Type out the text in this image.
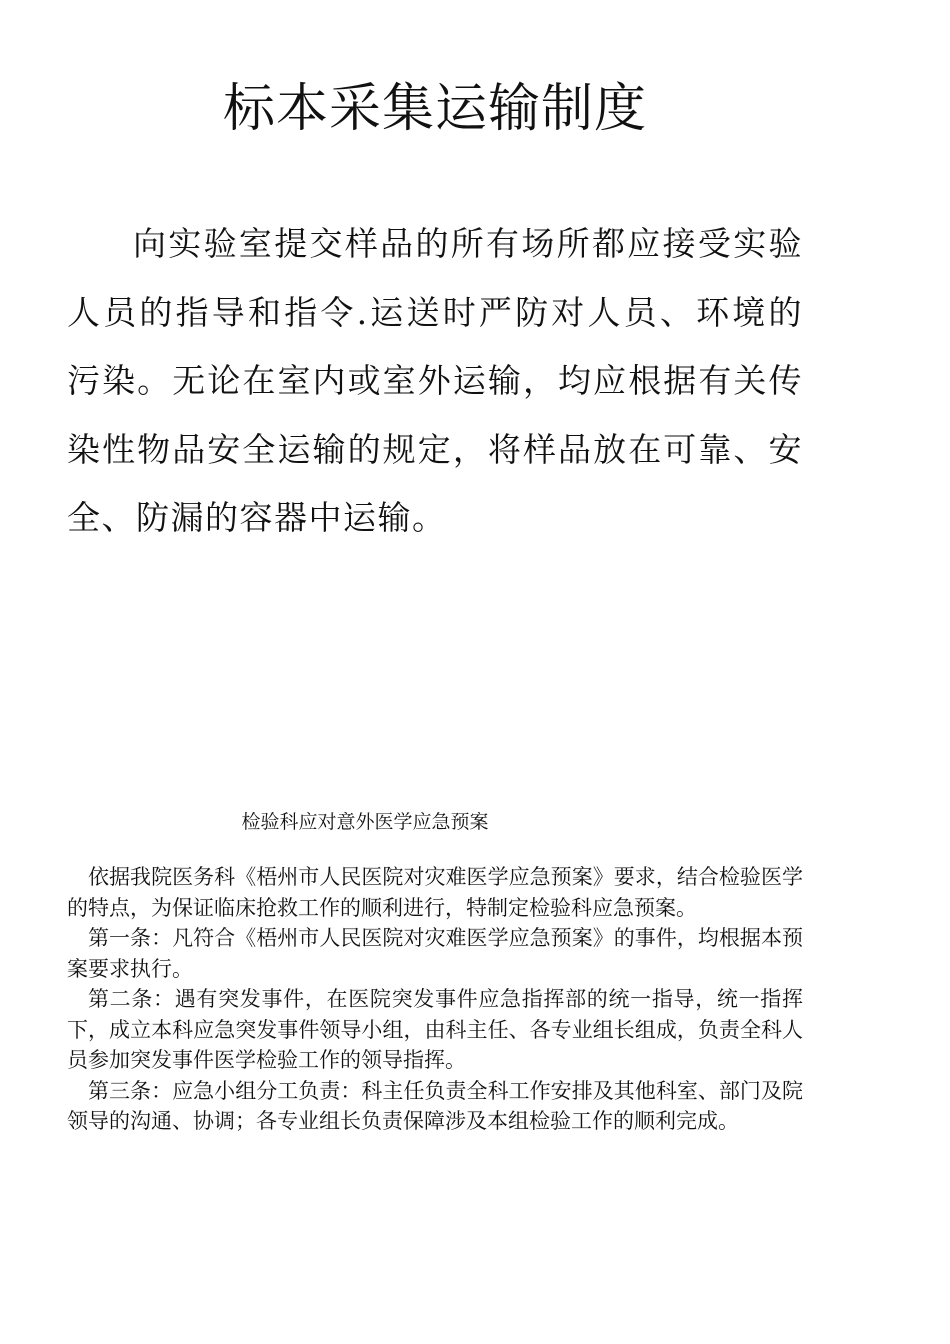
标本采集运输制度

向实验室提交样品的所有场所都应接受实验人员的指导和指令.运送时严防对人员、环境的污染。无论在室内或室外运输，均应根据有关传染性物品安全运输的规定，将样品放在可靠、安全、防漏的容器中运输。

检验科应对意外医学应急预案

依据我院医务科《梧州市人民医院对灾难医学应急预案》要求，结合检验医学的特点，为保证临床抢救工作的顺利进行，特制定检验科应急预案。

第一条：凡符合《梧州市人民医院对灾难医学应急预案》的事件，均根据本预案要求执行。

第二条：遇有突发事件，在医院突发事件应急指挥部的统一指导，统一指挥下，成立本科应急突发事件领导小组，由科主任、各专业组长组成，负责全科人员参加突发事件医学检验工作的领导指挥。

第三条：应急小组分工负责：科主任负责全科工作安排及其他科室、部门及院领导的沟通、协调；各专业组长负责保障涉及本组检验工作的顺利完成。
